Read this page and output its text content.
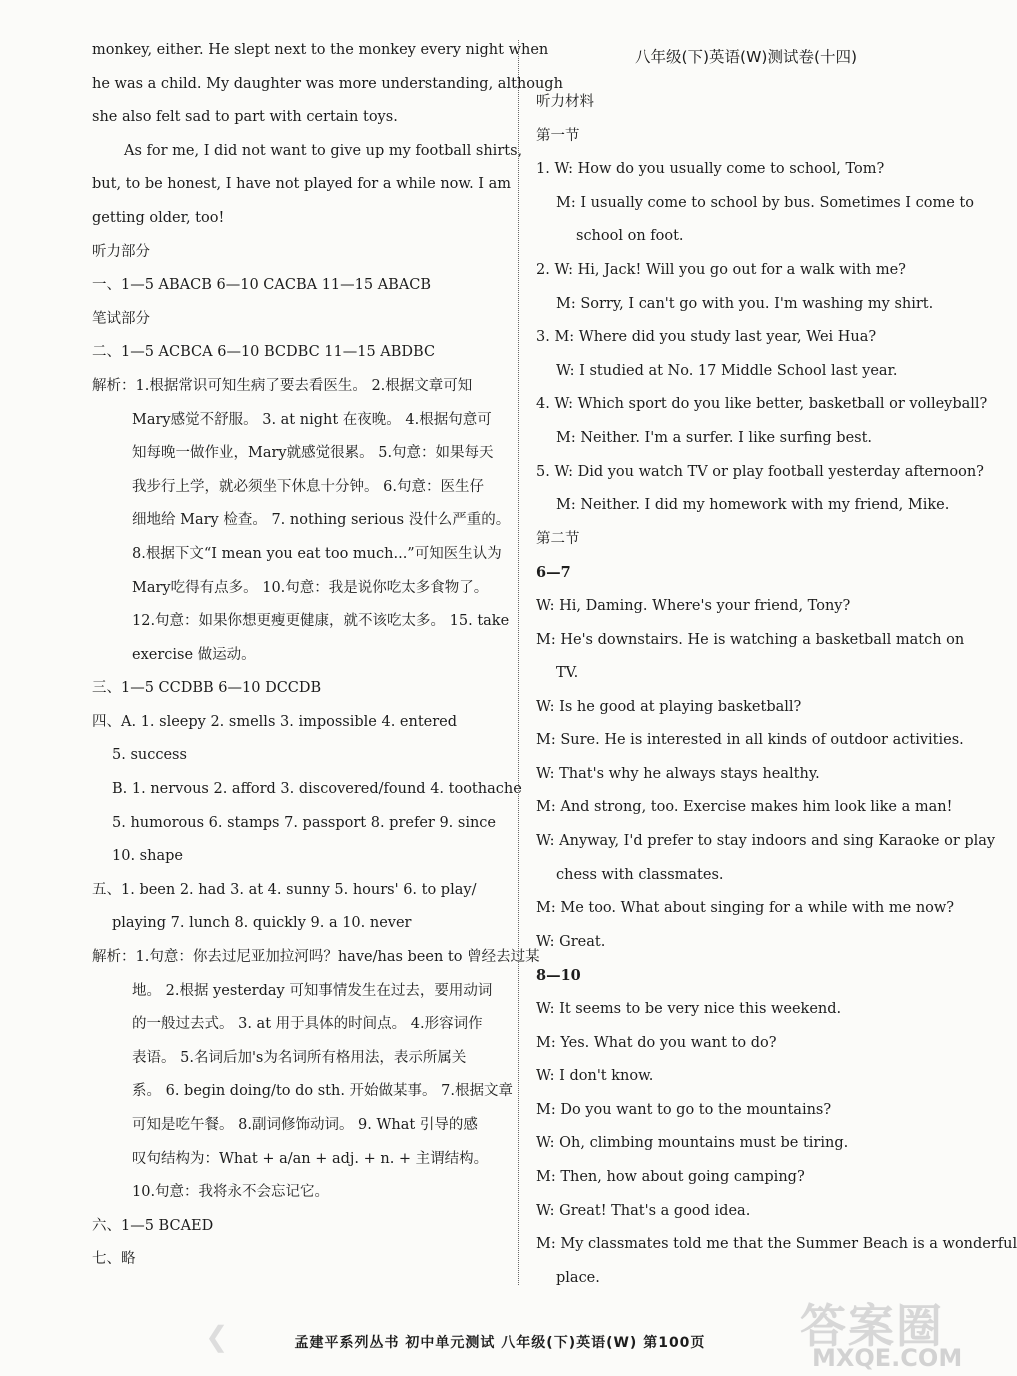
monkey, either. He slept next to the monkey every night when
he was a child. My daughter was more understanding, although
she also felt sad to part with certain toys.
As for me, I did not want to give up my football shirts,
but, to be honest, I have not played for a while now. I am
getting older, too!
听力部分
一、1—5 ABACB 6—10 CACBA 11—15 ABACB
笔试部分
二、1—5 ACBCA 6—10 BCDBC 11—15 ABDBC
解析：1.根据常识可知生病了要去看医生。 2.根据文章可知
Mary感觉不舒服。 3. at night 在夜晚。 4.根据句意可
知每晚一做作业，Mary就感觉很累。 5.句意：如果每天
我步行上学，就必须坐下休息十分钟。 6.句意：医生仔
细地给 Mary 检查。 7. nothing serious 没什么严重的。
8.根据下文“I mean you eat too much...”可知医生认为
Mary吃得有点多。 10.句意：我是说你吃太多食物了。
12.句意：如果你想更瘦更健康，就不该吃太多。 15. take
exercise 做运动。
三、1—5 CCDBB 6—10 DCCDB
四、A. 1. sleepy 2. smells 3. impossible 4. entered
5. success
B. 1. nervous 2. afford 3. discovered/found 4. toothache
5. humorous 6. stamps 7. passport 8. prefer 9. since
10. shape
五、1. been 2. had 3. at 4. sunny 5. hours' 6. to play/
playing 7. lunch 8. quickly 9. a 10. never
解析：1.句意：你去过尼亚加拉河吗？have/has been to 曾经去过某
地。 2.根据 yesterday 可知事情发生在过去，要用动词
的一般过去式。 3. at 用于具体的时间点。 4.形容词作
表语。 5.名词后加's为名词所有格用法，表示所属关
系。 6. begin doing/to do sth. 开始做某事。 7.根据文章
可知是吃午餐。 8.副词修饰动词。 9. What 引导的感
叹句结构为：What + a/an + adj. + n. + 主谓结构。
10.句意：我将永不会忘记它。
六、1—5 BCAED
七、略
八年级(下)英语(W)测试卷(十四)
听力材料
第一节
1. W: How do you usually come to school, Tom?
M: I usually come to school by bus. Sometimes I come to
school on foot.
2. W: Hi, Jack! Will you go out for a walk with me?
M: Sorry, I can't go with you. I'm washing my shirt.
3. M: Where did you study last year, Wei Hua?
W: I studied at No. 17 Middle School last year.
4. W: Which sport do you like better, basketball or volleyball?
M: Neither. I'm a surfer. I like surfing best.
5. W: Did you watch TV or play football yesterday afternoon?
M: Neither. I did my homework with my friend, Mike.
第二节
6—7
W: Hi, Daming. Where's your friend, Tony?
M: He's downstairs. He is watching a basketball match on
TV.
W: Is he good at playing basketball?
M: Sure. He is interested in all kinds of outdoor activities.
W: That's why he always stays healthy.
M: And strong, too. Exercise makes him look like a man!
W: Anyway, I'd prefer to stay indoors and sing Karaoke or play
chess with classmates.
M: Me too. What about singing for a while with me now?
W: Great.
8—10
W: It seems to be very nice this weekend.
M: Yes. What do you want to do?
W: I don't know.
M: Do you want to go to the mountains?
W: Oh, climbing mountains must be tiring.
M: Then, how about going camping?
W: Great! That's a good idea.
M: My classmates told me that the Summer Beach is a wonderful
place.
❮	孟建平系列丛书 初中单元测试 八年级(下)英语(W) 第100页	答案圈
MXQE.COM
